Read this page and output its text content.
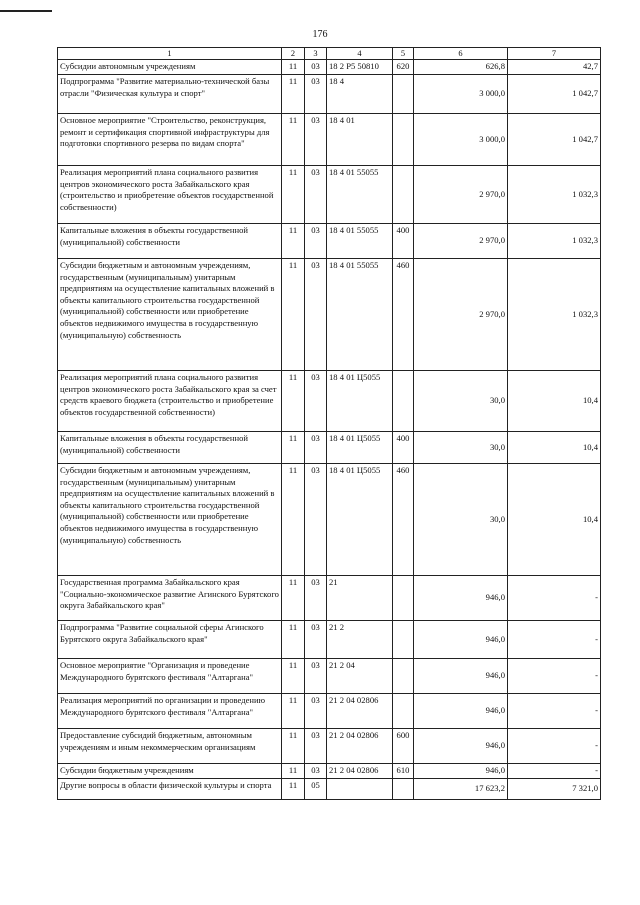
176
1	2	3	4	5	6	7
Субсидии автономным учреждениям	11	03	18 2 P5 50810	620	626,8	42,7
Подпрограмма "Развитие материально-технической базы отрасли "Физическая культура и спорт"	11	03	18 4		3 000,0	1 042,7
Основное мероприятие "Строительство, реконструкция, ремонт и сертификация спортивной инфраструктуры для подготовки спортивного резерва по видам спорта"	11	03	18 4 01		3 000,0	1 042,7
Реализация мероприятий плана социального развития центров экономического роста Забайкальского края (строительство и приобретение объектов государственной собственности)	11	03	18 4 01 55055		2 970,0	1 032,3
Капитальные вложения в объекты государственной (муниципальной) собственности	11	03	18 4 01 55055	400	2 970,0	1 032,3
Субсидии бюджетным и автономным учреждениям, государственным (муниципальным) унитарным предприятиям на осуществление капитальных вложений в объекты капитального строительства государственной (муниципальной) собственности или приобретение объектов недвижимого имущества в государственную (муниципальную) собственность	11	03	18 4 01 55055	460	2 970,0	1 032,3
Реализация мероприятий плана социального развития центров экономического роста Забайкальского края за счет средств краевого бюджета (строительство и приобретение объектов государственной собственности)	11	03	18 4 01 Ц5055		30,0	10,4
Капитальные вложения в объекты государственной (муниципальной) собственности	11	03	18 4 01 Ц5055	400	30,0	10,4
Субсидии бюджетным и автономным учреждениям, государственным (муниципальным) унитарным предприятиям на осуществление капитальных вложений в объекты капитального строительства государственной (муниципальной) собственности или приобретение объектов недвижимого имущества в государственную (муниципальную) собственность	11	03	18 4 01 Ц5055	460	30,0	10,4
Государственная программа Забайкальского края "Социально-экономическое развитие Агинского Бурятского округа Забайкальского края"	11	03	21		946,0	-
Подпрограмма "Развитие социальной сферы Агинского Бурятского округа Забайкальского края"	11	03	21 2		946,0	-
Основное мероприятие "Организация и проведение Международного бурятского фестиваля "Алтаргана"	11	03	21 2 04		946,0	-
Реализация мероприятий по организации и проведению Международного бурятского фестиваля "Алтаргана"	11	03	21 2 04 02806		946,0	-
Предоставление субсидий бюджетным, автономным учреждениям и иным некоммерческим организациям	11	03	21 2 04 02806	600	946,0	-
Субсидии бюджетным учреждениям	11	03	21 2 04 02806	610	946,0	-
Другие вопросы в области физической культуры и спорта	11	05			17 623,2	7 321,0
